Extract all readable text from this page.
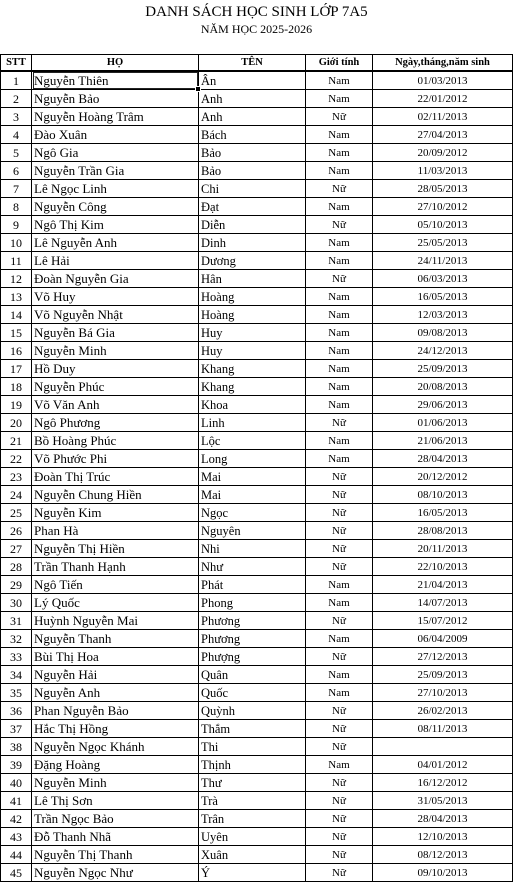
DANH SÁCH HỌC SINH LỚP 7A5
NĂM HỌC 2025-2026
STT	HỌ	TÊN	Giới tính	Ngày,tháng,năm sinh
1	Nguyễn Thiên	Ân	Nam	01/03/2013
2	Nguyễn Bảo	Anh	Nam	22/01/2012
3	Nguyễn Hoàng Trâm	Anh	Nữ	02/11/2013
4	Đào Xuân	Bách	Nam	27/04/2013
5	Ngô Gia	Bảo	Nam	20/09/2012
6	Nguyễn Trần Gia	Bảo	Nam	11/03/2013
7	Lê Ngọc Linh	Chi	Nữ	28/05/2013
8	Nguyễn Công	Đạt	Nam	27/10/2012
9	Ngô Thị Kim	Diễn	Nữ	05/10/2013
10	Lê Nguyễn Anh	Dinh	Nam	25/05/2013
11	Lê Hải	Dương	Nam	24/11/2013
12	Đoàn Nguyễn Gia	Hân	Nữ	06/03/2013
13	Võ Huy	Hoàng	Nam	16/05/2013
14	Võ Nguyễn Nhật	Hoàng	Nam	12/03/2013
15	Nguyễn Bá Gia	Huy	Nam	09/08/2013
16	Nguyễn Minh	Huy	Nam	24/12/2013
17	Hồ Duy	Khang	Nam	25/09/2013
18	Nguyễn Phúc	Khang	Nam	20/08/2013
19	Võ Văn Anh	Khoa	Nam	29/06/2013
20	Ngô Phương	Linh	Nữ	01/06/2013
21	Bồ Hoàng Phúc	Lộc	Nam	21/06/2013
22	Võ Phước Phi	Long	Nam	28/04/2013
23	Đoàn Thị Trúc	Mai	Nữ	20/12/2012
24	Nguyễn Chung Hiền	Mai	Nữ	08/10/2013
25	Nguyễn Kim	Ngọc	Nữ	16/05/2013
26	Phan Hà	Nguyên	Nữ	28/08/2013
27	Nguyễn Thị Hiền	Nhi	Nữ	20/11/2013
28	Trần Thanh Hạnh	Như	Nữ	22/10/2013
29	Ngô Tiến	Phát	Nam	21/04/2013
30	Lý Quốc	Phong	Nam	14/07/2013
31	Huỳnh Nguyễn Mai	Phương	Nữ	15/07/2012
32	Nguyễn Thanh	Phương	Nam	06/04/2009
33	Bùi Thị Hoa	Phượng	Nữ	27/12/2013
34	Nguyễn Hải	Quân	Nam	25/09/2013
35	Nguyễn Anh	Quốc	Nam	27/10/2013
36	Phan Nguyễn Bảo	Quỳnh	Nữ	26/02/2013
37	Hắc Thị Hồng	Thắm	Nữ	08/11/2013
38	Nguyễn Ngọc Khánh	Thi	Nữ	
39	Đặng Hoàng	Thịnh	Nam	04/01/2012
40	Nguyễn Minh	Thư	Nữ	16/12/2012
41	Lê Thị Sơn	Trà	Nữ	31/05/2013
42	Trần Ngọc Bảo	Trân	Nữ	28/04/2013
43	Đỗ Thanh Nhã	Uyên	Nữ	12/10/2013
44	Nguyễn Thị Thanh	Xuân	Nữ	08/12/2013
45	Nguyễn Ngọc Như	Ý	Nữ	09/10/2013
